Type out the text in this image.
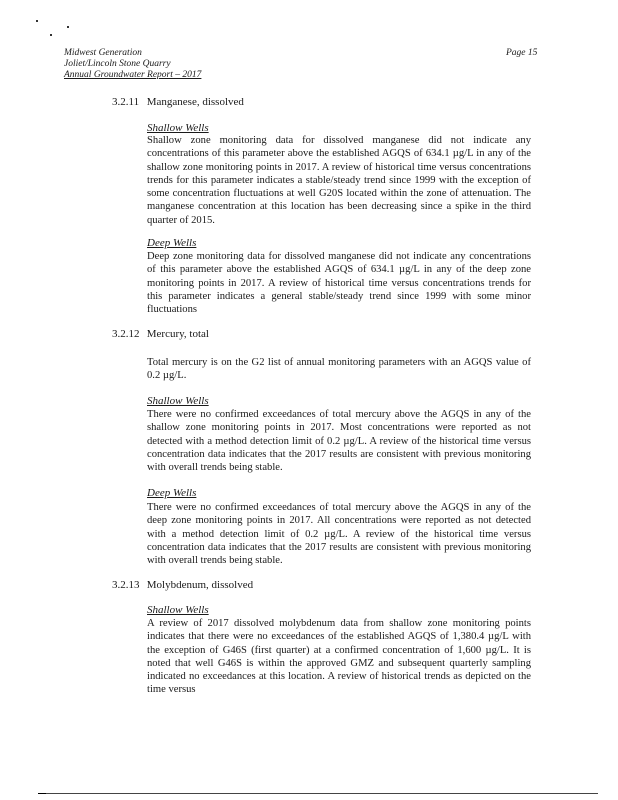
Midwest Generation
Joliet/Lincoln Stone Quarry
Annual Groundwater Report – 2017
Page 15
3.2.11 Manganese, dissolved
Shallow Wells

Shallow zone monitoring data for dissolved manganese did not indicate any concentrations of this parameter above the established AGQS of 634.1 µg/L in any of the shallow zone monitoring points in 2017. A review of historical time versus concentrations trends for this parameter indicates a stable/steady trend since 1999 with the exception of some concentration fluctuations at well G20S located within the zone of attenuation. The manganese concentration at this location has been decreasing since a spike in the third quarter of 2015.

Deep Wells

Deep zone monitoring data for dissolved manganese did not indicate any concentrations of this parameter above the established AGQS of 634.1 µg/L in any of the deep zone monitoring points in 2017. A review of historical time versus concentrations trends for this parameter indicates a general stable/steady trend since 1999 with some minor fluctuations

3.2.12 Mercury, total

Total mercury is on the G2 list of annual monitoring parameters with an AGQS value of 0.2 µg/L.

Shallow Wells

There were no confirmed exceedances of total mercury above the AGQS in any of the shallow zone monitoring points in 2017. Most concentrations were reported as not detected with a method detection limit of 0.2 µg/L. A review of the historical time versus concentration data indicates that the 2017 results are consistent with previous monitoring with overall trends being stable.

Deep Wells

There were no confirmed exceedances of total mercury above the AGQS in any of the deep zone monitoring points in 2017. All concentrations were reported as not detected with a method detection limit of 0.2 µg/L. A review of the historical time versus concentration data indicates that the 2017 results are consistent with previous monitoring with overall trends being stable.

3.2.13 Molybdenum, dissolved
Shallow Wells

A review of 2017 dissolved molybdenum data from shallow zone monitoring points indicates that there were no exceedances of the established AGQS of 1,380.4 µg/L with the exception of G46S (first quarter) at a confirmed concentration of 1,600 µg/L. It is noted that well G46S is within the approved GMZ and subsequent quarterly sampling indicated no exceedances at this location. A review of historical trends as depicted on the time versus
